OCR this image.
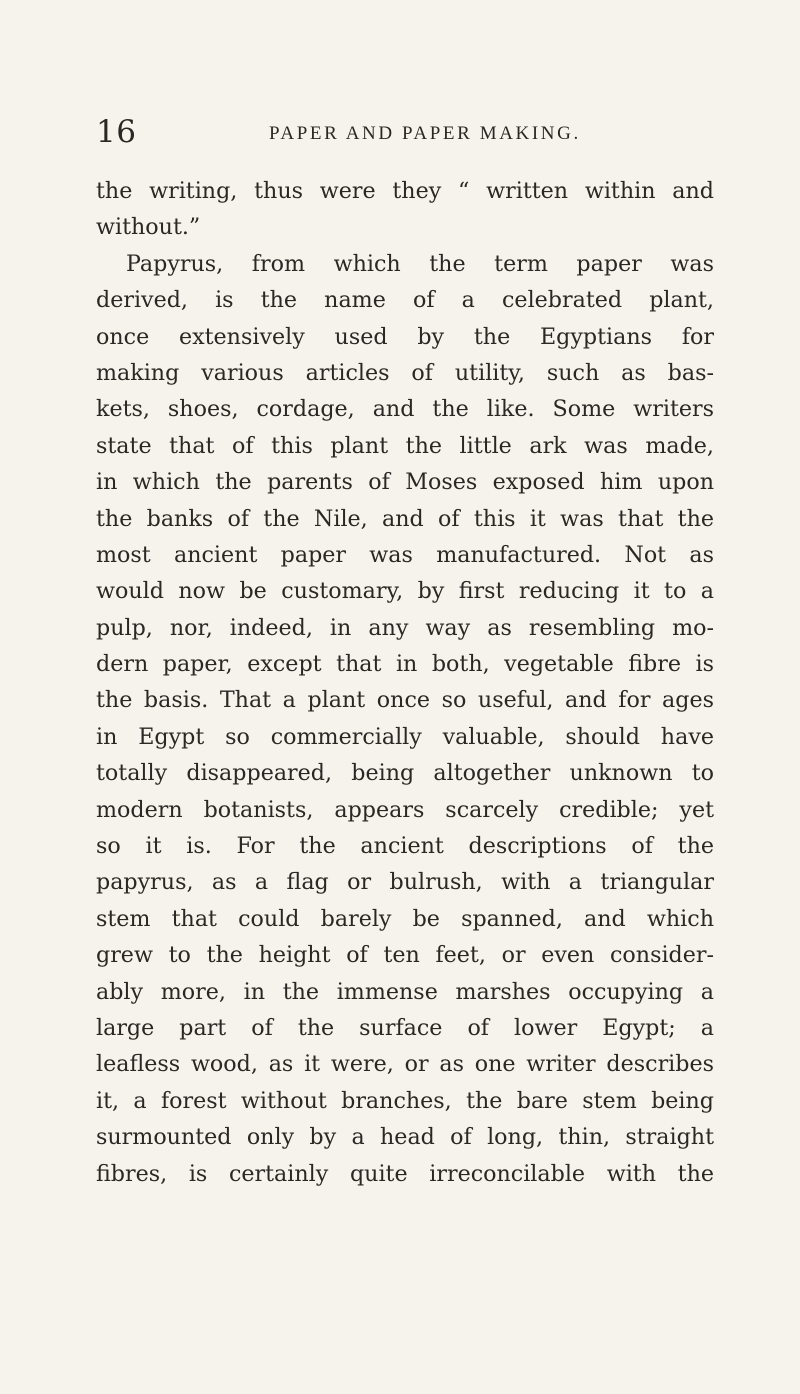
16	PAPER AND PAPER MAKING.
the writing, thus were they “ written within and
without.”
Papyrus, from which the term paper was
derived, is the name of a celebrated plant,
once extensively used by the Egyptians for
making various articles of utility, such as bas-
kets, shoes, cordage, and the like. Some writers
state that of this plant the little ark was made,
in which the parents of Moses exposed him upon
the banks of the Nile, and of this it was that the
most ancient paper was manufactured. Not as
would now be customary, by first reducing it to a
pulp, nor, indeed, in any way as resembling mo-
dern paper, except that in both, vegetable fibre is
the basis. That a plant once so useful, and for ages
in Egypt so commercially valuable, should have
totally disappeared, being altogether unknown to
modern botanists, appears scarcely credible; yet
so it is. For the ancient descriptions of the
papyrus, as a flag or bulrush, with a triangular
stem that could barely be spanned, and which
grew to the height of ten feet, or even consider-
ably more, in the immense marshes occupying a
large part of the surface of lower Egypt; a
leafless wood, as it were, or as one writer describes
it, a forest without branches, the bare stem being
surmounted only by a head of long, thin, straight
fibres, is certainly quite irreconcilable with the
